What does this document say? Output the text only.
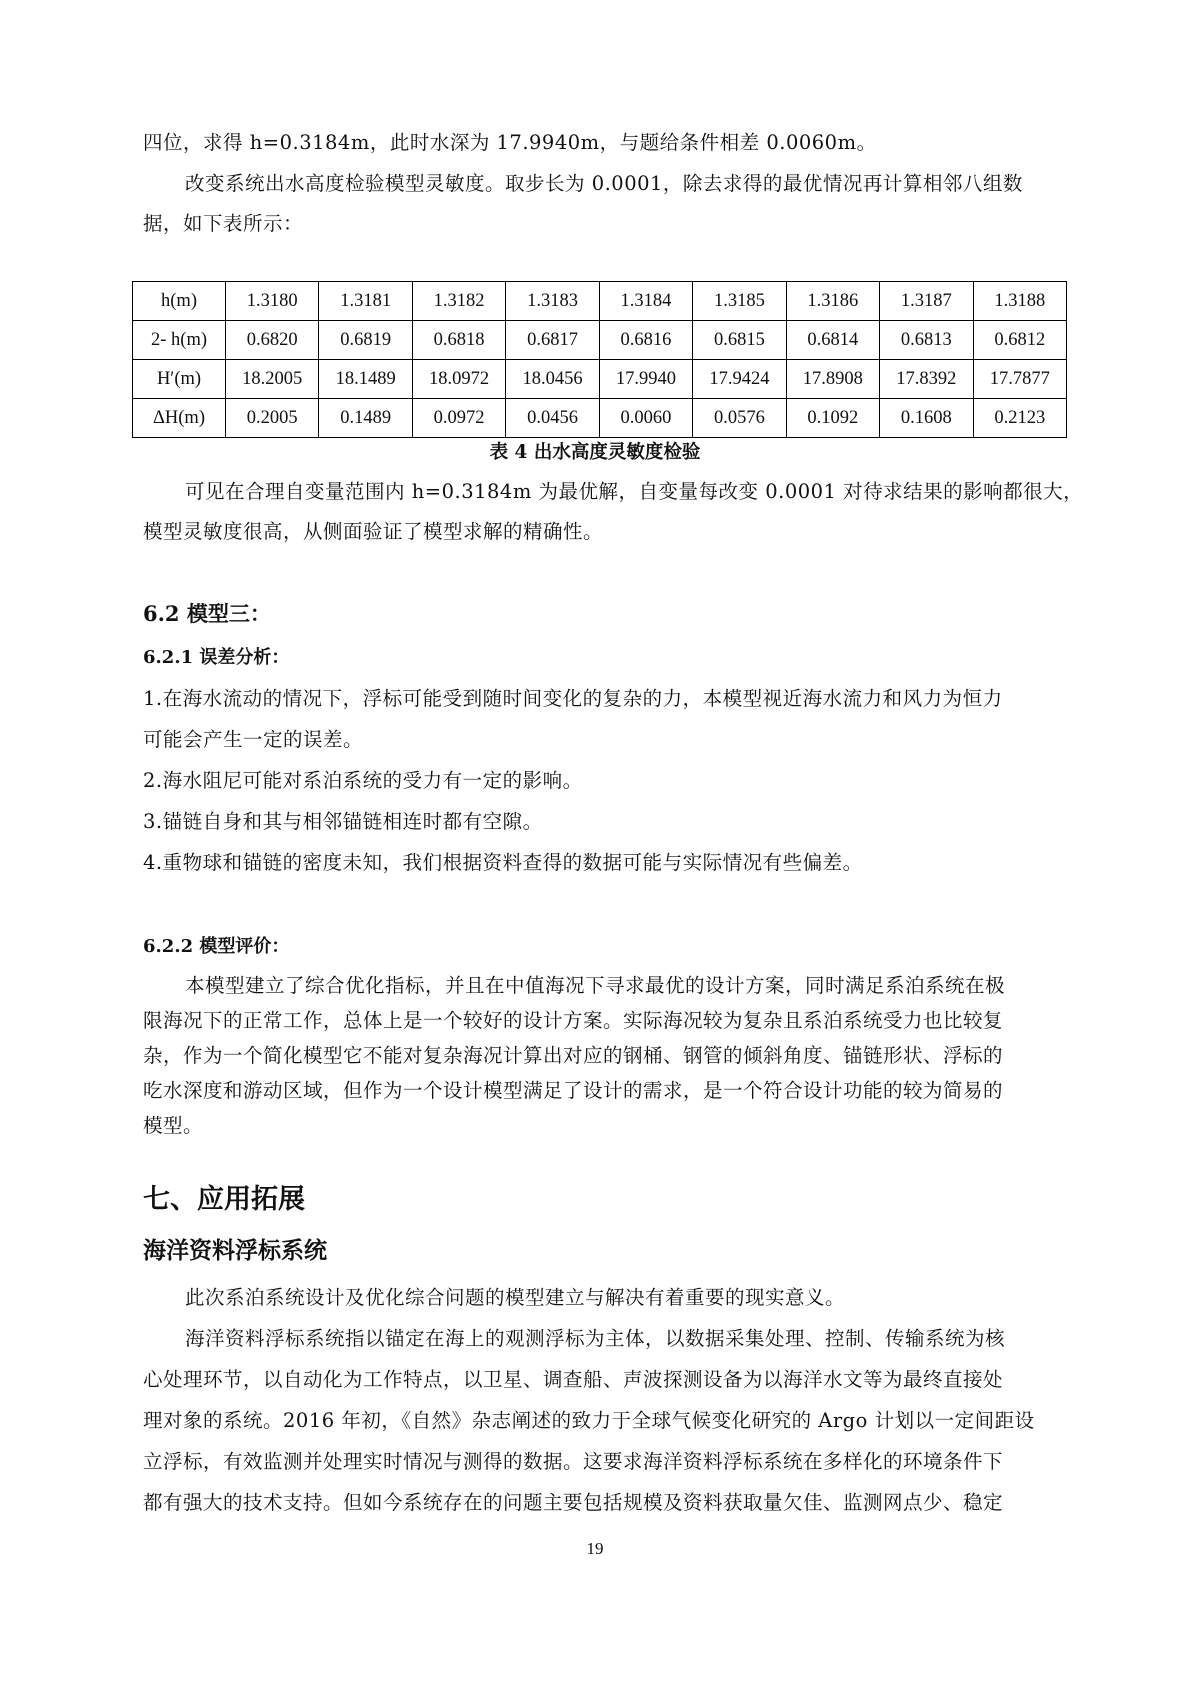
四位，求得 h=0.3184m，此时水深为 17.9940m，与题给条件相差 0.0060m。
改变系统出水高度检验模型灵敏度。取步长为 0.0001，除去求得的最优情况再计算相邻八组数
据，如下表所示：
h(m)	1.3180	1.3181	1.3182	1.3183	1.3184	1.3185	1.3186	1.3187	1.3188
2- h(m)	0.6820	0.6819	0.6818	0.6817	0.6816	0.6815	0.6814	0.6813	0.6812
H′(m)	18.2005	18.1489	18.0972	18.0456	17.9940	17.9424	17.8908	17.8392	17.7877
ΔH(m)	0.2005	0.1489	0.0972	0.0456	0.0060	0.0576	0.1092	0.1608	0.2123
表 4 出水高度灵敏度检验
可见在合理自变量范围内 h=0.3184m 为最优解，自变量每改变 0.0001 对待求结果的影响都很大，
模型灵敏度很高，从侧面验证了模型求解的精确性。
6.2 模型三：
6.2.1 误差分析：
1.在海水流动的情况下，浮标可能受到随时间变化的复杂的力，本模型视近海水流力和风力为恒力
可能会产生一定的误差。
2.海水阻尼可能对系泊系统的受力有一定的影响。
3.锚链自身和其与相邻锚链相连时都有空隙。
4.重物球和锚链的密度未知，我们根据资料查得的数据可能与实际情况有些偏差。
6.2.2 模型评价：
本模型建立了综合优化指标，并且在中值海况下寻求最优的设计方案，同时满足系泊系统在极
限海况下的正常工作，总体上是一个较好的设计方案。实际海况较为复杂且系泊系统受力也比较复
杂，作为一个简化模型它不能对复杂海况计算出对应的钢桶、钢管的倾斜角度、锚链形状、浮标的
吃水深度和游动区域，但作为一个设计模型满足了设计的需求，是一个符合设计功能的较为简易的
模型。
七、应用拓展
海洋资料浮标系统
此次系泊系统设计及优化综合问题的模型建立与解决有着重要的现实意义。
海洋资料浮标系统指以锚定在海上的观测浮标为主体，以数据采集处理、控制、传输系统为核
心处理环节，以自动化为工作特点，以卫星、调查船、声波探测设备为以海洋水文等为最终直接处
理对象的系统。2016 年初，《自然》杂志阐述的致力于全球气候变化研究的 Argo 计划以一定间距设
立浮标，有效监测并处理实时情况与测得的数据。这要求海洋资料浮标系统在多样化的环境条件下
都有强大的技术支持。但如今系统存在的问题主要包括规模及资料获取量欠佳、监测网点少、稳定
19
